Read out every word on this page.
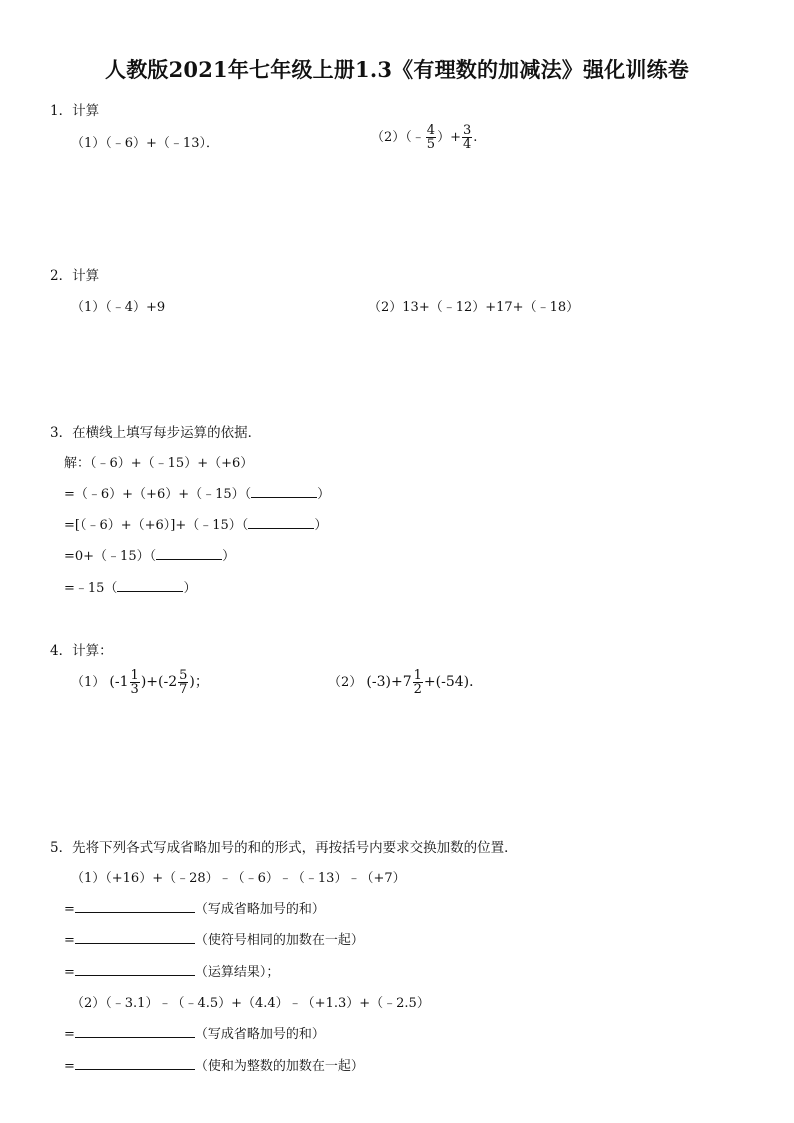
人教版2021年七年级上册1.3《有理数的加减法》强化训练卷
1．计算
（1）（﹣6）+（﹣13）．	（2）（﹣ $\frac{4}{5}$ ）+ $\frac{3}{4}$ .
2．计算
（1）（﹣4）+9	（2）13+（﹣12）+17+（﹣18）
3．在横线上填写每步运算的依据．
解：（﹣6）+（﹣15）+（+6）
=（﹣6）+（+6）+（﹣15）（	）
=[（﹣6）+（+6）]+（﹣15）（	）
=0+（﹣15）（	）
=﹣15（	）
4．计算：
（1） $(-1 \frac{1}{3} )+(-2 \frac{5}{7}$ )；	（2） $(-3)+7 \frac{1}{2} +(-54)$．
5．先将下列各式写成省略加号的和的形式，再按括号内要求交换加数的位置．
（1）（+16）+（﹣28）﹣（﹣6）﹣（﹣13）﹣（+7）
=	（写成省略加号的和）
=	（使符号相同的加数在一起）
=	（运算结果）；
（2）（﹣3.1）﹣（﹣4.5）+（4.4）﹣（+1.3）+（﹣2.5）
=	（写成省略加号的和）
=	（使和为整数的加数在一起）
